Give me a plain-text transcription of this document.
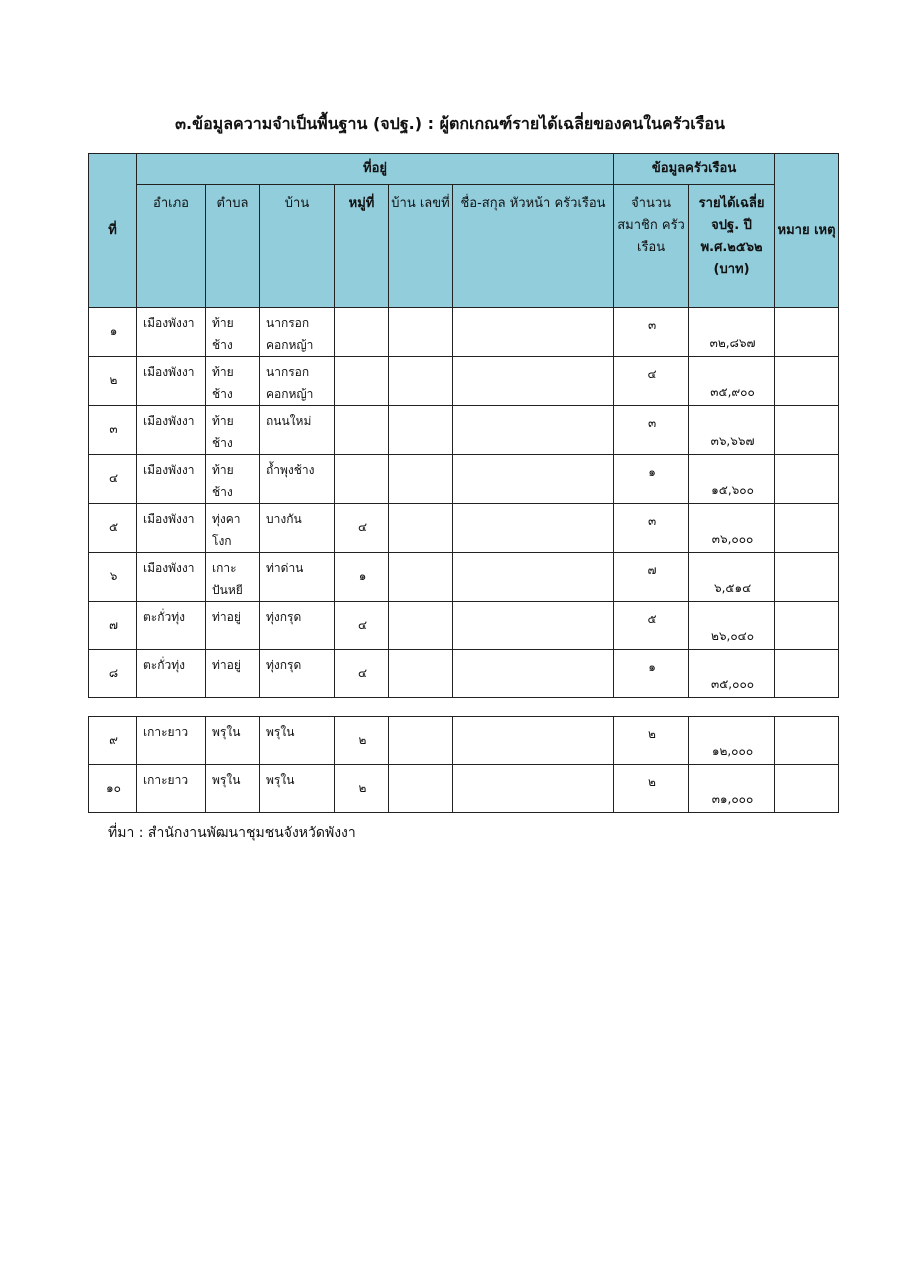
๓.ข้อมูลความจำเป็นพื้นฐาน (จปฐ.) : ผู้ตกเกณฑ์รายได้เฉลี่ยของคนในครัวเรือน
ที่	ที่อยู่						ข้อมูลครัวเรือน		หมาย เหตุ
	อำเภอ	ตำบล	บ้าน	หมู่ที่	บ้าน เลขที่	ชื่อ-สกุล หัวหน้า ครัวเรือน	จำนวน สมาชิก ครัวเรือน	รายได้เฉลี่ย จปฐ. ปี พ.ศ.๒๕๖๒ (บาท)	
๑	เมืองพังงา	ท้าย ช้าง	นากรอก คอกหญ้า				๓	๓๒,๘๖๗	
๒	เมืองพังงา	ท้าย ช้าง	นากรอก คอกหญ้า				๔	๓๕,๙๐๐	
๓	เมืองพังงา	ท้าย ช้าง	ถนนใหม่				๓	๓๖,๖๖๗	
๔	เมืองพังงา	ท้าย ช้าง	ถ้ำพุงช้าง				๑	๑๕,๖๐๐	
๕	เมืองพังงา	ทุ่งคา โงก	บางกัน	๔			๓	๓๖,๐๐๐	
๖	เมืองพังงา	เกาะ ปันหยี	ท่าด่าน	๑			๗	๖,๕๑๔	
๗	ตะกั่วทุ่ง	ท่าอยู่	ทุ่งกรุด	๔			๕	๒๖,๐๔๐	
๘	ตะกั่วทุ่ง	ท่าอยู่	ทุ่งกรุด	๔			๑	๓๕,๐๐๐	
๙	เกาะยาว	พรุใน	พรุใน	๒			๒	๑๒,๐๐๐	
๑๐	เกาะยาว	พรุใน	พรุใน	๒			๒	๓๑,๐๐๐	
ที่มา : สำนักงานพัฒนาชุมชนจังหวัดพังงา
